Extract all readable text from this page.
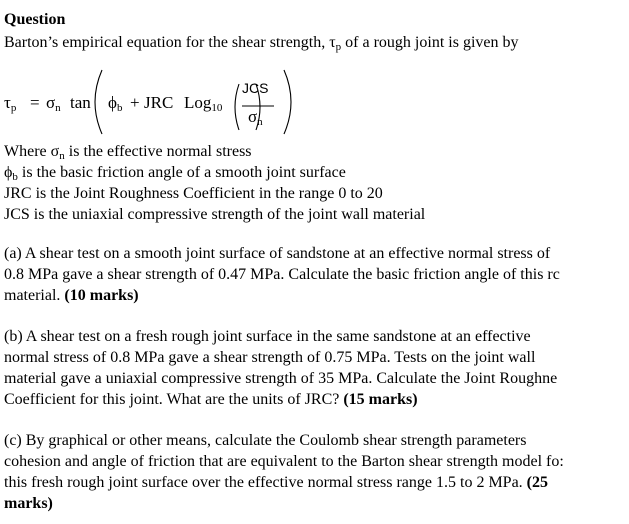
Question
Barton’s empirical equation for the shear strength, $\tau_p$ of a rough joint is given by
$\tau_p = \sigma_n$ $\tan \phi_b$ + JRC Log$_{10}$
JCS
$\sigma_n$
Where $\sigma_n$ is the effective normal stress
$\phi_b$ is the basic friction angle of a smooth joint surface
JRC is the Joint Roughness Coefficient in the range 0 to 20
JCS is the uniaxial compressive strength of the joint wall material
(a) A shear test on a smooth joint surface of sandstone at an effective normal stress of
0.8 MPa gave a shear strength of 0.47 MPa. Calculate the basic friction angle of this rc
material. (10 marks)
(b) A shear test on a fresh rough joint surface in the same sandstone at an effective
normal stress of 0.8 MPa gave a shear strength of 0.75 MPa. Tests on the joint wall
material gave a uniaxial compressive strength of 35 MPa. Calculate the Joint Roughne
Coefficient for this joint. What are the units of JRC? (15 marks)
(c) By graphical or other means, calculate the Coulomb shear strength parameters
cohesion and angle of friction that are equivalent to the Barton shear strength model fo:
this fresh rough joint surface over the effective normal stress range 1.5 to 2 MPa. (25
marks)
